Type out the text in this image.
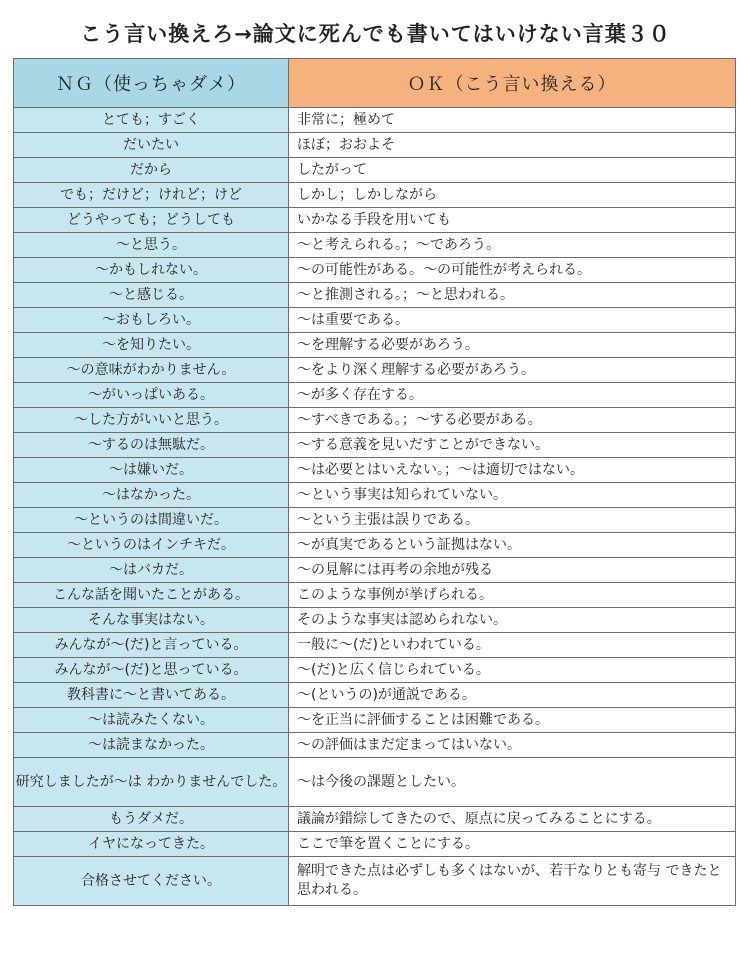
こう言い換えろ→論文に死んでも書いてはいけない言葉３０
ＮＧ（使っちゃダメ）	ＯＫ（こう言い換える）
とても；すごく	非常に；極めて
だいたい	ほぼ；おおよそ
だから	したがって
でも；だけど；けれど；けど	しかし；しかしながら
どうやっても；どうしても	いかなる手段を用いても
〜と思う。	〜と考えられる。；〜であろう。
〜かもしれない。	〜の可能性がある。〜の可能性が考えられる。
〜と感じる。	〜と推測される。；〜と思われる。
〜おもしろい。	〜は重要である。
〜を知りたい。	〜を理解する必要があろう。
〜の意味がわかりません。	〜をより深く理解する必要があろう。
〜がいっぱいある。	〜が多く存在する。
〜した方がいいと思う。	〜すべきである。；〜する必要がある。
〜するのは無駄だ。	〜する意義を見いだすことができない。
〜は嫌いだ。	〜は必要とはいえない。；〜は適切ではない。
〜はなかった。	〜という事実は知られていない。
〜というのは間違いだ。	〜という主張は誤りである。
〜というのはインチキだ。	〜が真実であるという証拠はない。
〜はバカだ。	〜の見解には再考の余地が残る
こんな話を聞いたことがある。	このような事例が挙げられる。
そんな事実はない。	そのような事実は認められない。
みんなが〜(だ)と言っている。	一般に〜(だ)といわれている。
みんなが〜(だ)と思っている。	〜(だ)と広く信じられている。
教科書に〜と書いてある。	〜(というの)が通説である。
〜は読みたくない。	〜を正当に評価することは困難である。
〜は読まなかった。	〜の評価はまだ定まってはいない。
研究しましたが〜は わかりませんでした。	〜は今後の課題としたい。
もうダメだ。	議論が錯綜してきたので、原点に戻ってみることにする。
イヤになってきた。	ここで筆を置くことにする。
合格させてください。	解明できた点は必ずしも多くはないが、若干なりとも寄与 できたと思われる。
